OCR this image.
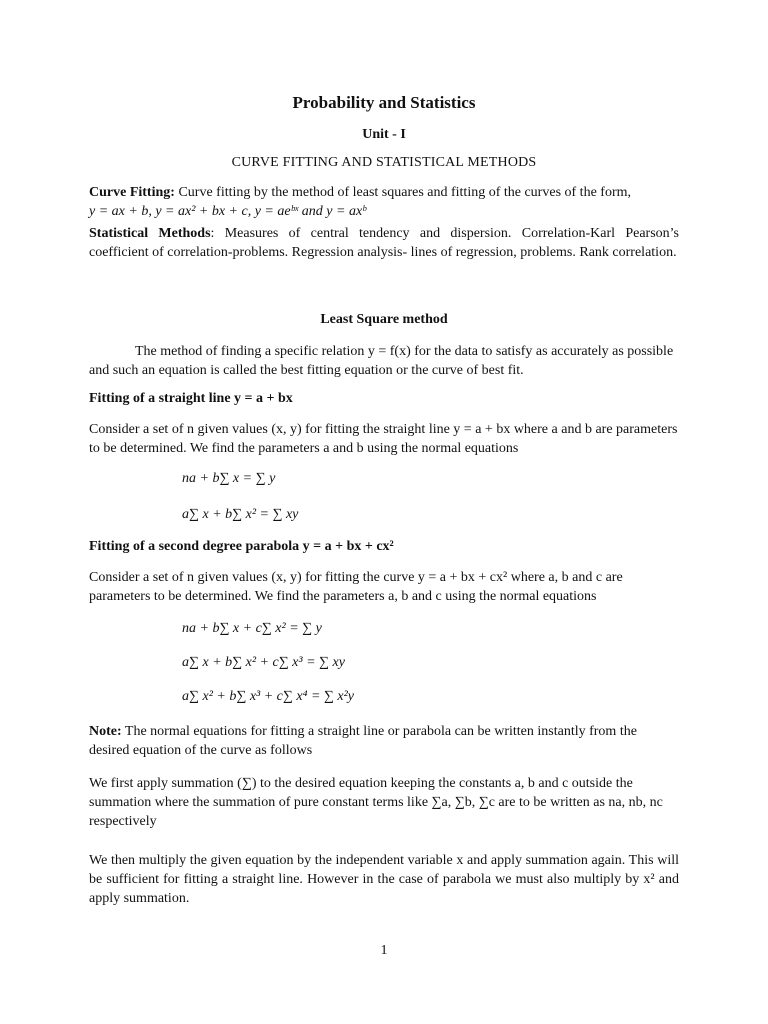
Probability and Statistics
Unit - I
CURVE FITTING AND STATISTICAL METHODS
Curve Fitting: Curve fitting by the method of least squares and fitting of the curves of the form,
y = ax + b, y = ax² + bx + c, y = aeᵇˣ and y = axᵇ
Statistical Methods: Measures of central tendency and dispersion. Correlation-Karl Pearson’s coefficient of correlation-problems. Regression analysis- lines of regression, problems. Rank correlation.
Least Square method
The method of finding a specific relation y = f(x) for the data to satisfy as accurately as possible and such an equation is called the best fitting equation or the curve of best fit.
Fitting of a straight line y = a + bx
Consider a set of n given values (x, y) for fitting the straight line y = a + bx where a and b are parameters to be determined. We find the parameters a and b using the normal equations
na + b∑ x = ∑ y
a∑ x + b∑ x² = ∑ xy
Fitting of a second degree parabola y = a + bx + cx²
Consider a set of n given values (x, y) for fitting the curve y = a + bx + cx² where a, b and c are parameters to be determined. We find the parameters a, b and c using the normal equations
na + b∑ x + c∑ x² = ∑ y
a∑ x + b∑ x² + c∑ x³ = ∑ xy
a∑ x² + b∑ x³ + c∑ x⁴ = ∑ x²y
Note: The normal equations for fitting a straight line or parabola can be written instantly from the desired equation of the curve as follows
We first apply summation (∑) to the desired equation keeping the constants a, b and c outside the summation where the summation of pure constant terms like ∑a, ∑b, ∑c are to be written as na, nb, nc respectively
We then multiply the given equation by the independent variable x and apply summation again. This will be sufficient for fitting a straight line. However in the case of parabola we must also multiply by x² and apply summation.
1
